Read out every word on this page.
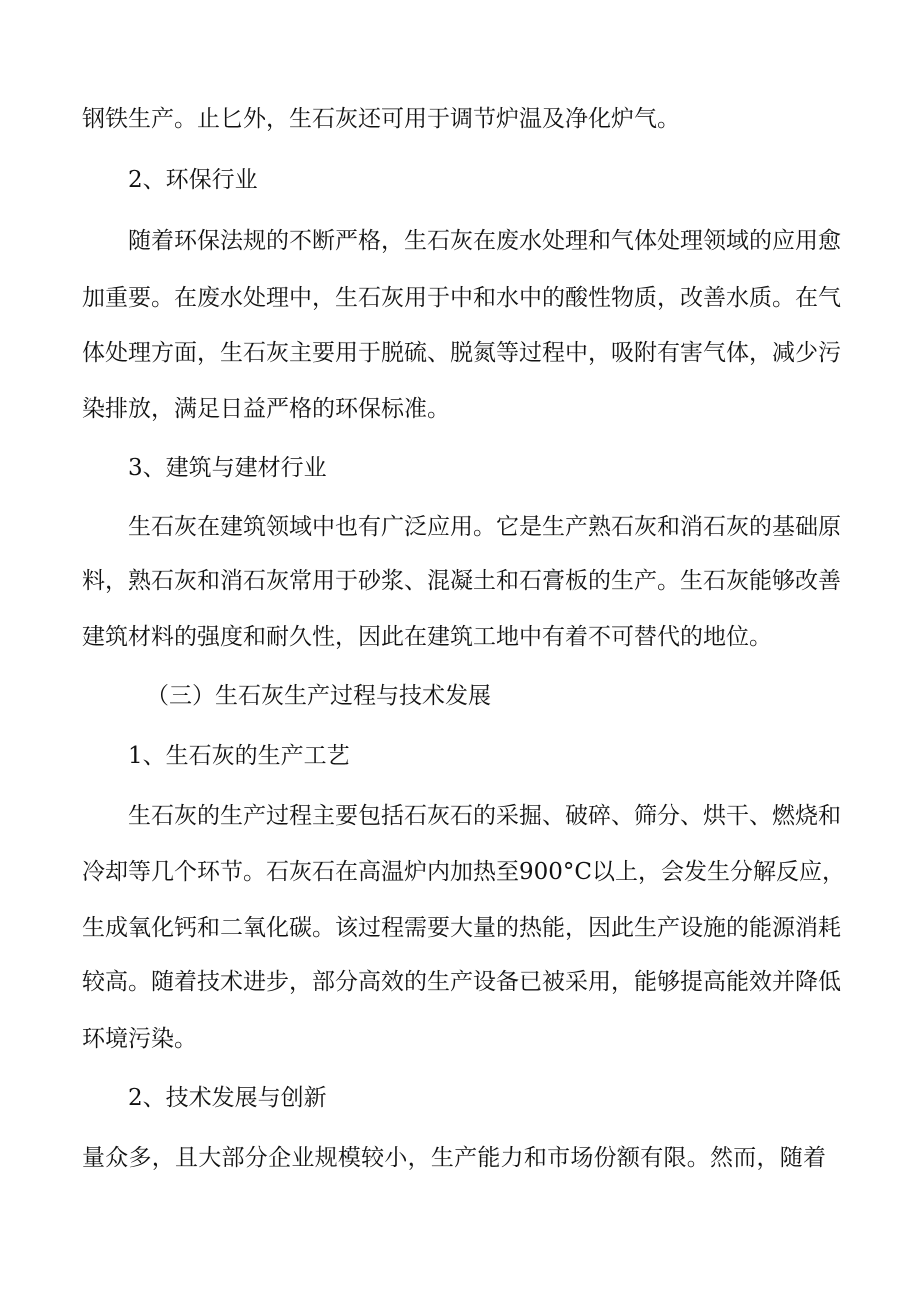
钢铁生产。止匕外，生石灰还可用于调节炉温及净化炉气。

2、环保行业

随着环保法规的不断严格，生石灰在废水处理和气体处理领域的应用愈

加重要。在废水处理中，生石灰用于中和水中的酸性物质，改善水质。在气

体处理方面，生石灰主要用于脱硫、脱氮等过程中，吸附有害气体，减少污

染排放，满足日益严格的环保标准。

3、建筑与建材行业

生石灰在建筑领域中也有广泛应用。它是生产熟石灰和消石灰的基础原

料，熟石灰和消石灰常用于砂浆、混凝土和石膏板的生产。生石灰能够改善

建筑材料的强度和耐久性，因此在建筑工地中有着不可替代的地位。

（三）生石灰生产过程与技术发展

1、生石灰的生产工艺

生石灰的生产过程主要包括石灰石的采掘、破碎、筛分、烘干、燃烧和

冷却等几个环节。石灰石在高温炉内加热至900°C以上，会发生分解反应，

生成氧化钙和二氧化碳。该过程需要大量的热能，因此生产设施的能源消耗

较高。随着技术进步，部分高效的生产设备已被采用，能够提高能效并降低

环境污染。

2、技术发展与创新

量众多，且大部分企业规模较小，生产能力和市场份额有限。然而，随着
